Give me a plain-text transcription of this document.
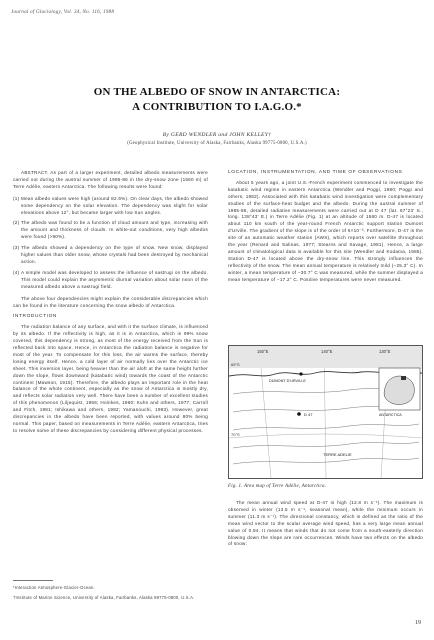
Journal of Glaciology, Vol. 34, No. 116, 1988
ON THE ALBEDO OF SNOW IN ANTARCTICA:
A CONTRIBUTION TO I.A.G.O.*
By GERD WENDLER and JOHN KELLEY†
(Geophysical Institute, University of Alaska, Fairbanks, Alaska 99775-0800, U.S.A.)

ABSTRACT. As part of a larger experiment, detailed albedo measurements were carried out during the austral summer of 1985-86 in the dry-snow zone (1560 m) of Terre Adélie, eastern Antarctica. The following results were found:

(1) Mean albedo values were high (around 82.6%). On clear days, the albedo showed some dependency on the solar elevation. The dependency was slight for solar elevations above 12°, but became larger with low Sun angles.
(2) The albedo was found to be a function of cloud amount and type, increasing with the amount and thickness of clouds. In white-out conditions, very high albedos were found (>90%).
(3) The albedo showed a dependency on the type of snow. New snow, displayed higher values than older snow, whose crystals had been destroyed by mechanical action.
(4) A simple model was developed to assess the influence of sastrugi on the albedo. This model could explain the asymmetric diurnal variation about solar noon of the measured albedo above a sastrugi field.

The above four dependencies might explain the considerable discrepancies which can be found in the literature concerning the snow albedo of Antarctica.

INTRODUCTION

The radiation balance of any surface, and with it the surface climate, is influenced by its albedo. If the reflectivity is high, as it is in Antarctica, which is 99% snow covered, this dependency is strong, as most of the energy received from the Sun is reflected back into space. Hence, in Antarctica the radiation balance is negative for most of the year. To compensate for this loss, the air warms the surface, thereby losing energy itself. Hence, a cold layer of air normally lies over the Antarctic ice sheet. This inversion layer, being heavier than the air aloft at the same height further down the slope, flows downward (katabatic wind) towards the coast of the Antarctic continent (Mawson, 1915). Therefore, the albedo plays an important role in the heat balance of the whole continent, especially as the snow of Antarctica is mostly dry, and reflects solar radiation very well. There have been a number of excellent studies of this phenomenon (Liljequist, 1956; Hoinkes, 1960; Kuhn and others, 1977; Carroll and Fitch, 1981; Ishikawa and others, 1982; Yamanouchi, 1983). However, great discrepancies in the albedo have been reported, with values around 80% being normal. This paper, based on measurements in Terre Adélie, eastern Antarctica, tries to resolve some of these discrepancies by considering different physical processes.

*Interaction Atmosphere-Glacier-Ocean.
†Institute of Marine Science, University of Alaska, Fairbanks, Alaska 99775-0800, U.S.A.

LOCATION, INSTRUMENTATION, AND TIME OF OBSERVATIONS

About 5 years ago, a joint U.S.-French experiment commenced to investigate the katabatic wind regime in eastern Antarctica (Wendler and Poggi, 1980; Poggi and others, 1982). Associated with this katabatic wind investigation were complementary studies of the surface-heat budget and the albedo. During the austral summer of 1985-86, detailed radiative measurements were carried out at D 47 (lat. 67°23' S., long. 138°43' E.) in Terre Adélie (Fig. 1) at an altitude of 1560 m. D-47 is located about 110 km south of the year-round French Antarctic support station Dumont d'Urville. The gradient of the slope is of the order of 6×10⁻³. Furthermore, D-47 is the site of an automatic weather station (AWS), which reports over satellite throughout the year (Renard and Salinas, 1977; Stearns and Savage, 1981). Hence, a large amount of climatological data is available for this site (Wendler and Kodama, 1985). Station D-47 is located above the dry-snow line. This strongly influences the reflectivity of the snow. The mean annual temperature is relatively mild (−25.3° C). In winter, a mean temperature of −30.7° C was measured, while the summer displayed a mean temperature of −17.2° C. Positive temperatures were never measured.

150°E	140°E	130°E
65°S
70°S
DUMONT D'URVILLE
D 47	ANTARCTICA
TERRE ADELIE
Fig. 1. Area map of Terre Adélie, Antarctica.

The mean annual wind speed at D-47 is high (12.8 m s⁻¹). The maximum is observed in winter (13.5 m s⁻¹, seasonal mean), while the minimum occurs in summer (11.3 m s⁻¹). The directional constancy, which is defined as the ratio of the mean wind vector to the scalar average wind speed, has a very large mean annual value of 0.94. It means that winds that do not come from a south-easterly direction blowing down the slope are rare occurrences. Winds have two effects on the albedo of snow:

19
